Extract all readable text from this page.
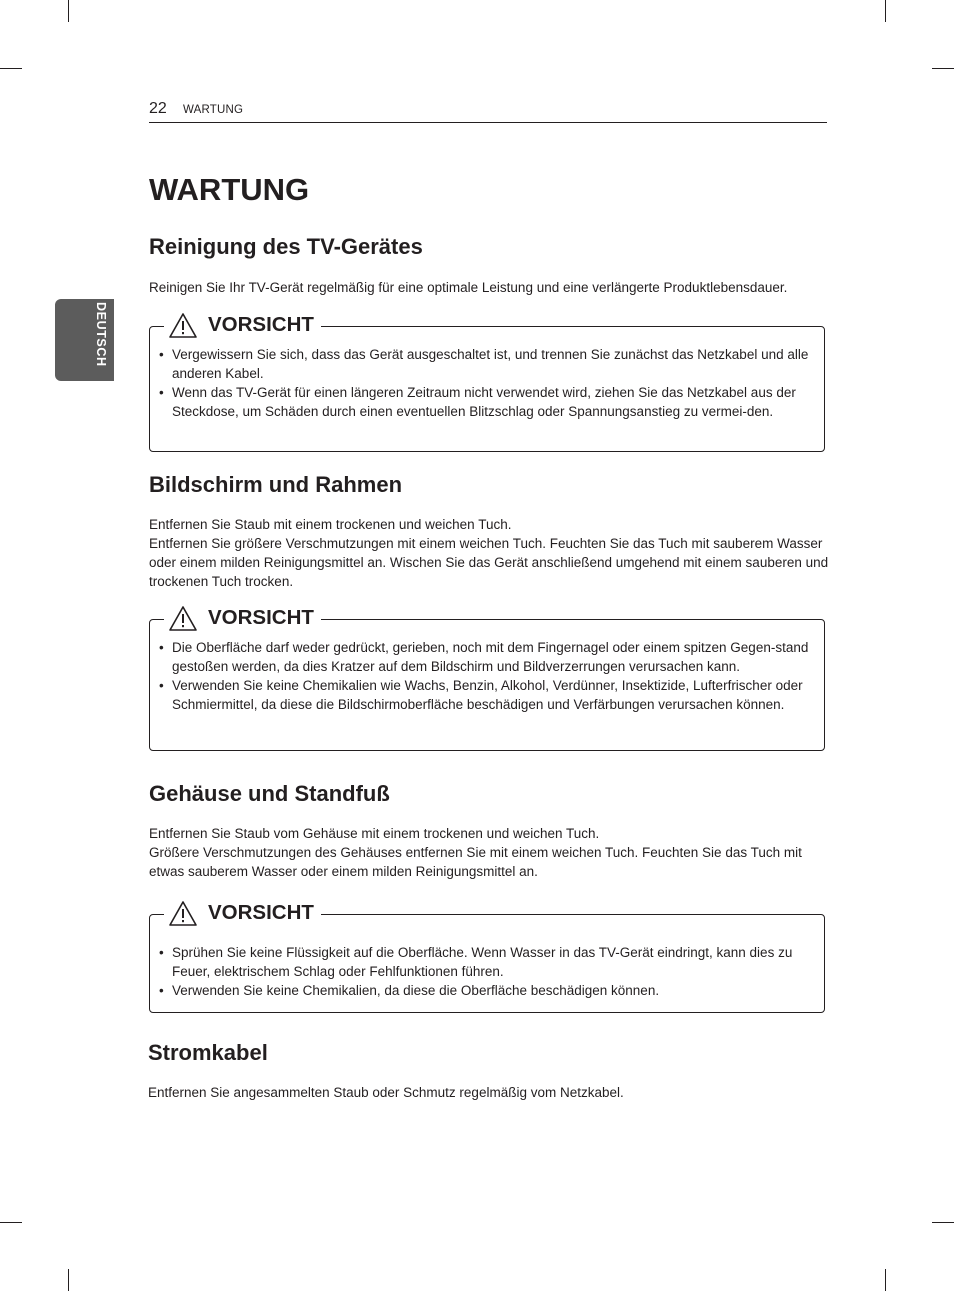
22 WARTUNG
DEUTSCH
WARTUNG
Reinigung des TV-Gerätes

Reinigen Sie Ihr TV-Gerät regelmäßig für eine optimale Leistung und eine verlängerte Produktlebensdauer.

VORSICHT
• Vergewissern Sie sich, dass das Gerät ausgeschaltet ist, und trennen Sie zunächst das Netzkabel und alle anderen Kabel.
• Wenn das TV-Gerät für einen längeren Zeitraum nicht verwendet wird, ziehen Sie das Netzkabel aus der Steckdose, um Schäden durch einen eventuellen Blitzschlag oder Spannungsanstieg zu vermei-den.
Bildschirm und Rahmen

Entfernen Sie Staub mit einem trockenen und weichen Tuch.

Entfernen Sie größere Verschmutzungen mit einem weichen Tuch. Feuchten Sie das Tuch mit sauberem Wasser oder einem milden Reinigungsmittel an. Wischen Sie das Gerät anschließend umgehend mit einem sauberen und trockenen Tuch trocken.

VORSICHT
• Die Oberfläche darf weder gedrückt, gerieben, noch mit dem Fingernagel oder einem spitzen Gegen-stand gestoßen werden, da dies Kratzer auf dem Bildschirm und Bildverzerrungen verursachen kann.
• Verwenden Sie keine Chemikalien wie Wachs, Benzin, Alkohol, Verdünner, Insektizide, Lufterfrischer oder Schmiermittel, da diese die Bildschirmoberfläche beschädigen und Verfärbungen verursachen können.
Gehäuse und Standfuß

Entfernen Sie Staub vom Gehäuse mit einem trockenen und weichen Tuch.

Größere Verschmutzungen des Gehäuses entfernen Sie mit einem weichen Tuch. Feuchten Sie das Tuch mit etwas sauberem Wasser oder einem milden Reinigungsmittel an.

VORSICHT
• Sprühen Sie keine Flüssigkeit auf die Oberfläche. Wenn Wasser in das TV-Gerät eindringt, kann dies zu Feuer, elektrischem Schlag oder Fehlfunktionen führen.
• Verwenden Sie keine Chemikalien, da diese die Oberfläche beschädigen können.
Stromkabel

Entfernen Sie angesammelten Staub oder Schmutz regelmäßig vom Netzkabel.
